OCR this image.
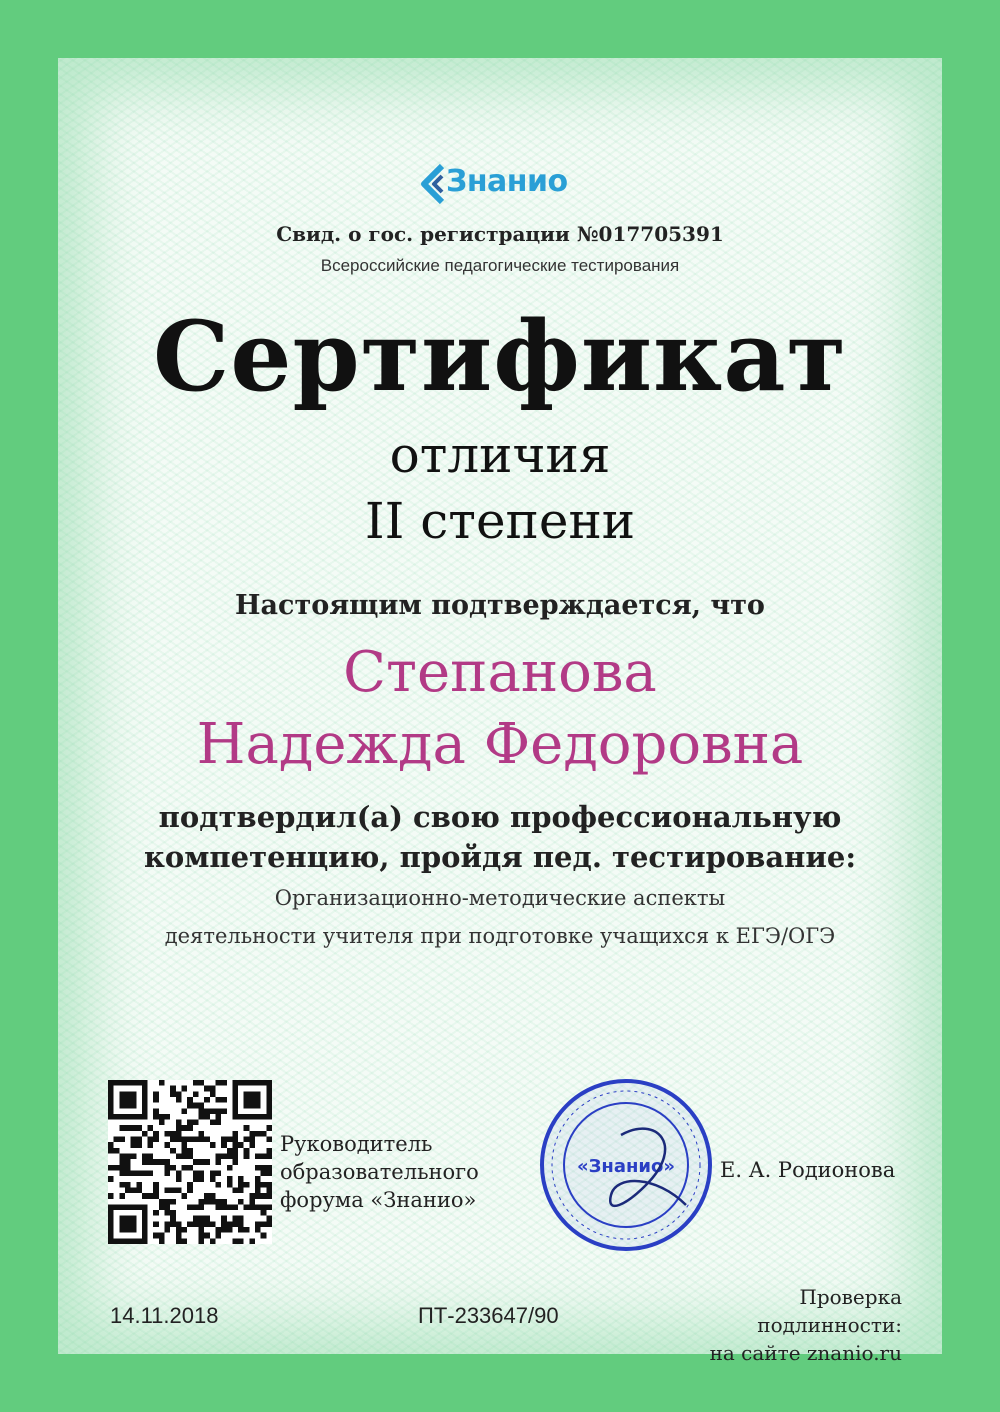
Знанио
Свид. о гос. регистрации №017705391
Всероссийские педагогические тестирования
Сертификат
отличия
II степени
Настоящим подтверждается, что
Степанова
Надежда Федоровна
подтвердил(а) свою профессиональную
компетенцию, пройдя пед. тестирование:
Организационно-методические аспекты
деятельности учителя при подготовке учащихся к ЕГЭ/ОГЭ
Руководитель
образовательного
форума «Знанио»
«Знанио» Е. А. Родионова
14.11.2018	ПТ-233647/90
Проверка
подлинности:
на сайте znanio.ru
